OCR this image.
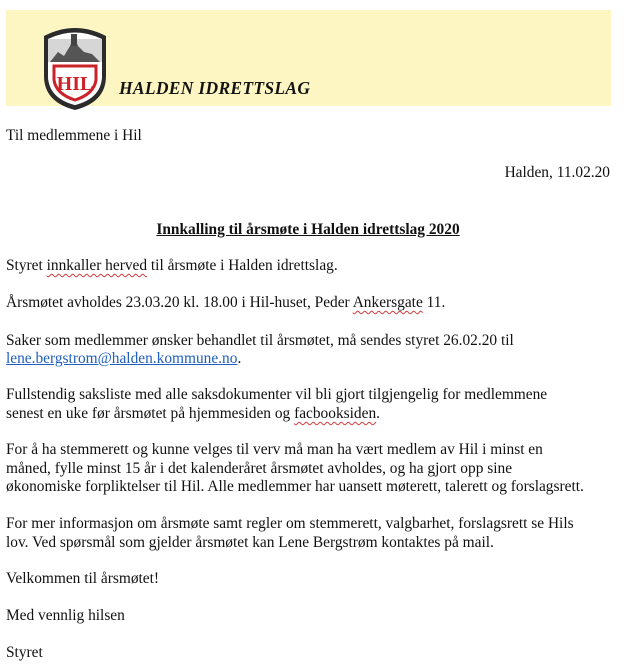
HIL HALDEN IDRETTSLAG
Til medlemmene i Hil
Halden, 11.02.20
Innkalling til årsmøte i Halden idrettslag 2020
Styret innkaller herved til årsmøte i Halden idrettslag.
Årsmøtet avholdes 23.03.20 kl. 18.00 i Hil-huset, Peder Ankersgate 11.
Saker som medlemmer ønsker behandlet til årsmøtet, må sendes styret 26.02.20 til
lene.bergstrom@halden.kommune.no.
Fullstendig saksliste med alle saksdokumenter vil bli gjort tilgjengelig for medlemmene
senest en uke før årsmøtet på hjemmesiden og facbooksiden.
For å ha stemmerett og kunne velges til verv må man ha vært medlem av Hil i minst en
måned, fylle minst 15 år i det kalenderåret årsmøtet avholdes, og ha gjort opp sine
økonomiske forpliktelser til Hil. Alle medlemmer har uansett møterett, talerett og forslagsrett.
For mer informasjon om årsmøte samt regler om stemmerett, valgbarhet, forslagsrett se Hils
lov. Ved spørsmål som gjelder årsmøtet kan Lene Bergstrøm kontaktes på mail.
Velkommen til årsmøtet!
Med vennlig hilsen
Styret
